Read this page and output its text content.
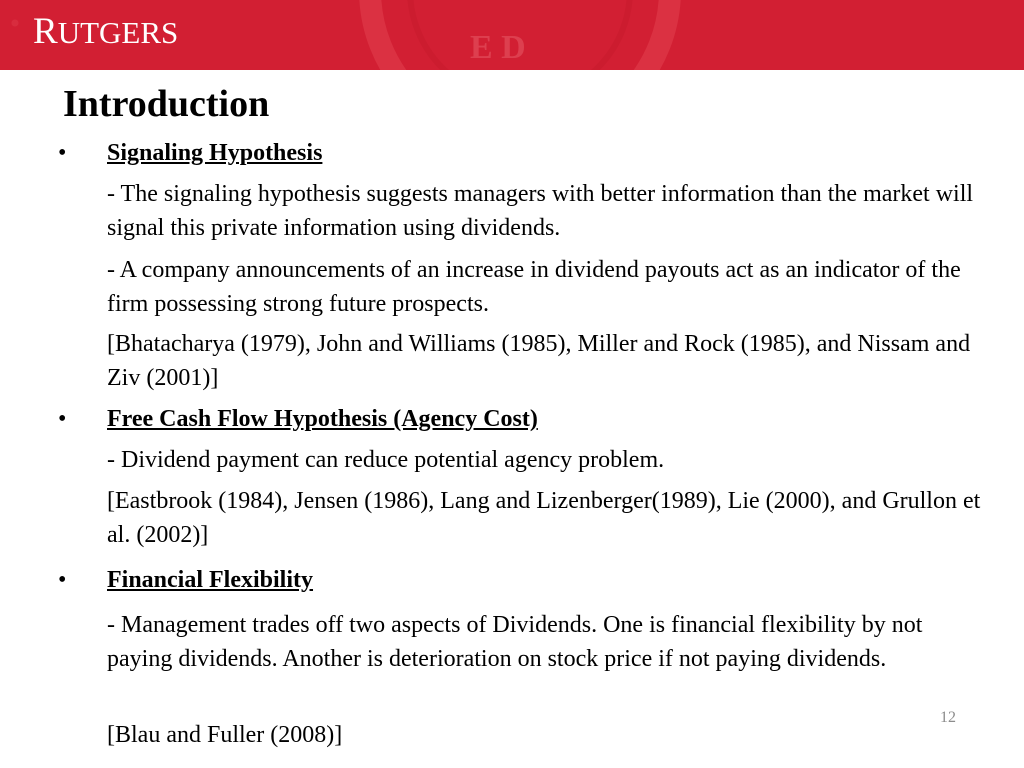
E D
🞄 RUTGERS
Introduction
• Signaling Hypothesis

- The signaling hypothesis suggests managers with better information than the market will signal this private information using dividends.

- A company announcements of an increase in dividend payouts act as an indicator of the firm possessing strong future prospects.

[Bhatacharya (1979), John and Williams (1985), Miller and Rock (1985), and Nissam and Ziv (2001)]

• Free Cash Flow Hypothesis (Agency Cost)

- Dividend payment can reduce potential agency problem.

[Eastbrook (1984), Jensen (1986), Lang and Lizenberger(1989), Lie (2000), and Grullon et al. (2002)]

• Financial Flexibility

- Management trades off two aspects of Dividends. One is financial flexibility by not paying dividends. Another is deterioration on stock price if not paying dividends.

[Blau and Fuller (2008)]

12
